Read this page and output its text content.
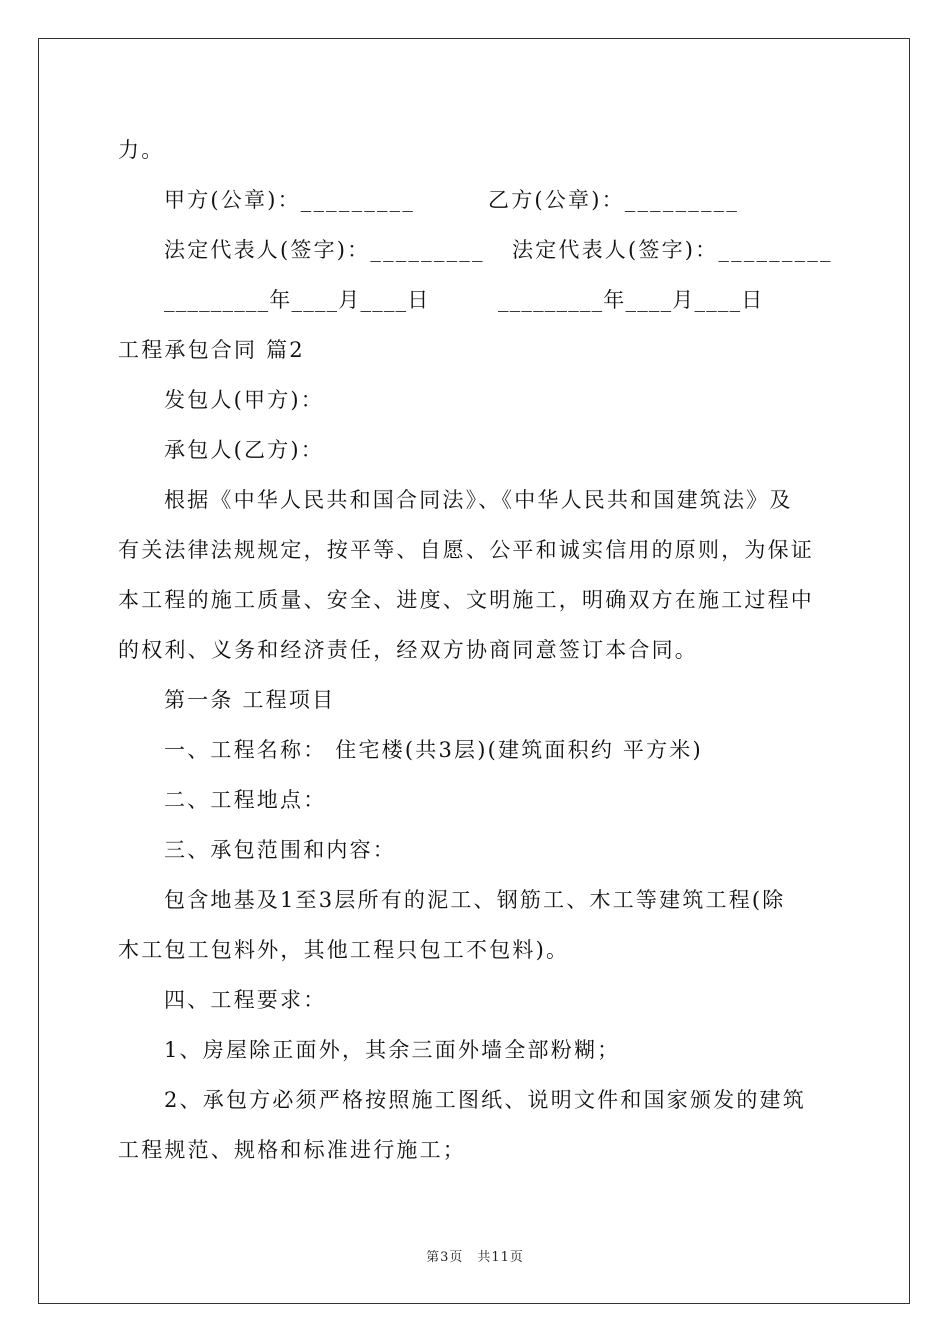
力。
甲方(公章)：_________	乙方(公章)：_________
法定代表人(签字)：_________ 法定代表人(签字)：_________
_________年____月____日	_________年____月____日
工程承包合同 篇2
发包人(甲方)：
承包人(乙方)：
根据《中华人民共和国合同法》、《中华人民共和国建筑法》及
有关法律法规规定，按平等、自愿、公平和诚实信用的原则，为保证
本工程的施工质量、安全、进度、文明施工，明确双方在施工过程中
的权利、义务和经济责任，经双方协商同意签订本合同。
第一条 工程项目
一、工程名称： 住宅楼(共3层)(建筑面积约 平方米)
二、工程地点：
三、承包范围和内容：
包含地基及1至3层所有的泥工、钢筋工、木工等建筑工程(除
木工包工包料外，其他工程只包工不包料)。
四、工程要求：
1、房屋除正面外，其余三面外墙全部粉糊；
2、承包方必须严格按照施工图纸、说明文件和国家颁发的建筑
工程规范、规格和标准进行施工；
第3页　共11页
